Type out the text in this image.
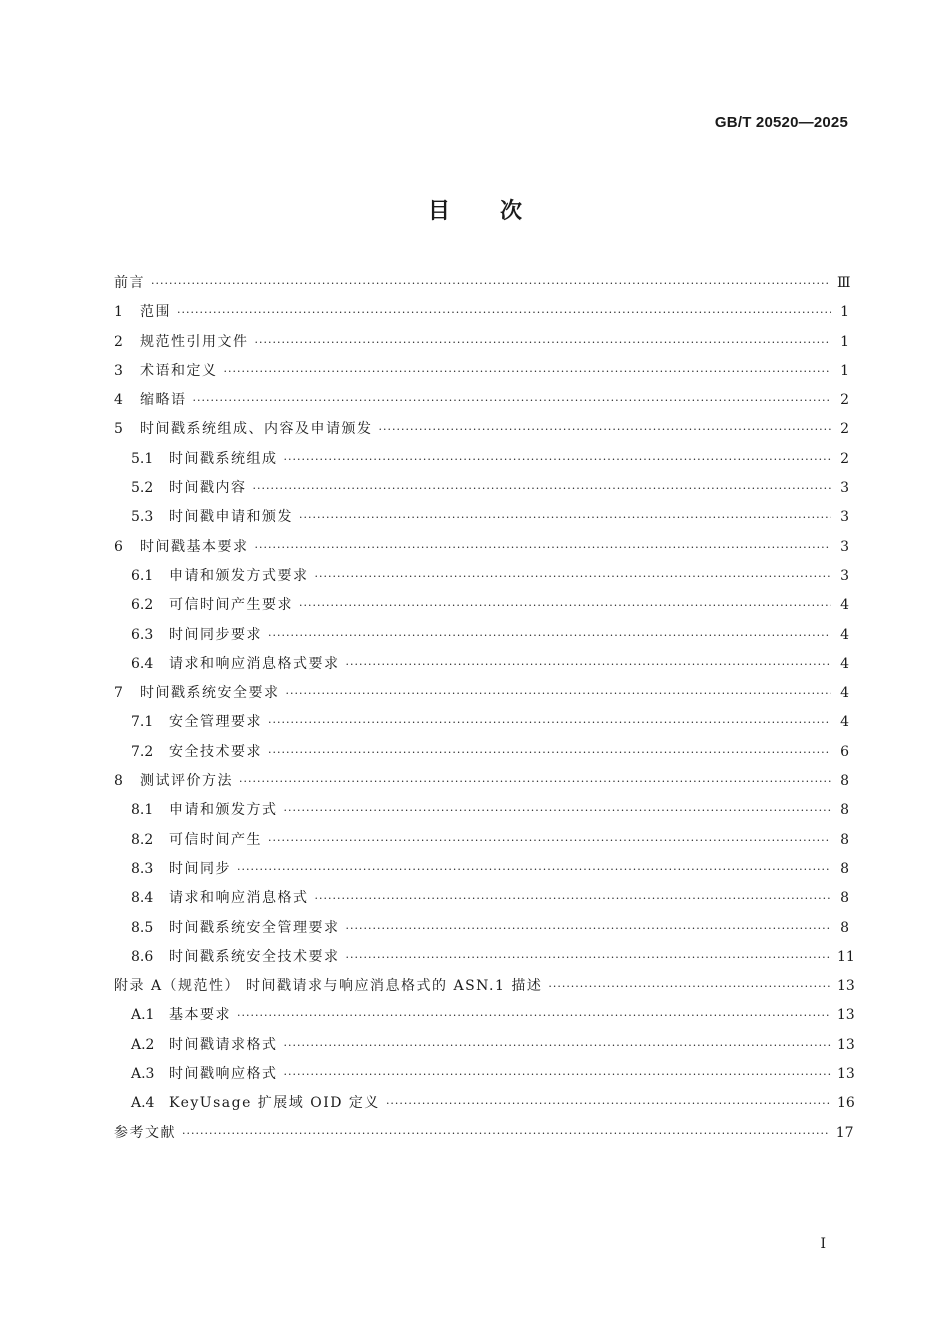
GB/T 20520—2025
目 次
前言 ·····	Ⅲ
1	范围 ·····	1
2	规范性引用文件 ·····	1
3	术语和定义 ·····	1
4	缩略语 ·····	2
5	时间戳系统组成、内容及申请颁发 ·····	2
5.1	时间戳系统组成 ·····	2
5.2	时间戳内容 ·····	3
5.3	时间戳申请和颁发 ·····	3
6	时间戳基本要求 ·····	3
6.1	申请和颁发方式要求 ·····	3
6.2	可信时间产生要求 ·····	4
6.3	时间同步要求 ·····	4
6.4	请求和响应消息格式要求 ·····	4
7	时间戳系统安全要求 ·····	4
7.1	安全管理要求 ·····	4
7.2	安全技术要求 ·····	6
8	测试评价方法 ·····	8
8.1	申请和颁发方式 ·····	8
8.2	可信时间产生 ·····	8
8.3	时间同步 ·····	8
8.4	请求和响应消息格式 ·····	8
8.5	时间戳系统安全管理要求 ·····	8
8.6	时间戳系统安全技术要求 ·····	11
附录 A（规范性） 时间戳请求与响应消息格式的 ASN.1 描述 ·····	13
A.1	基本要求 ·····	13
A.2	时间戳请求格式 ·····	13
A.3	时间戳响应格式 ·····	13
A.4	KeyUsage 扩展域 OID 定义 ·····	16
参考文献 ·····	17
Ⅰ
